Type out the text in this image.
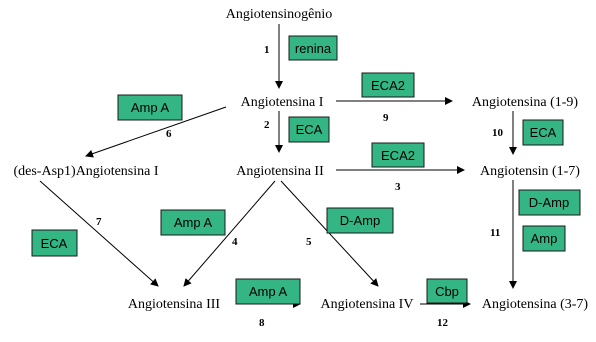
Angiotensinogênio
Angiotensina I	Angiotensina (1-9)
(des-Asp1)Angiotensina I	Angiotensina II	Angiotensin (1-7)
Angiotensina III	Angiotensina IV	Angiotensina (3-7)
renina
Amp A
ECA2
ECA
ECA2
ECA
ECA
Amp A	D-Amp
D-Amp
Amp
Amp A	Cbp
1
2
3
4	5
6
7
8
9
10
11
12
